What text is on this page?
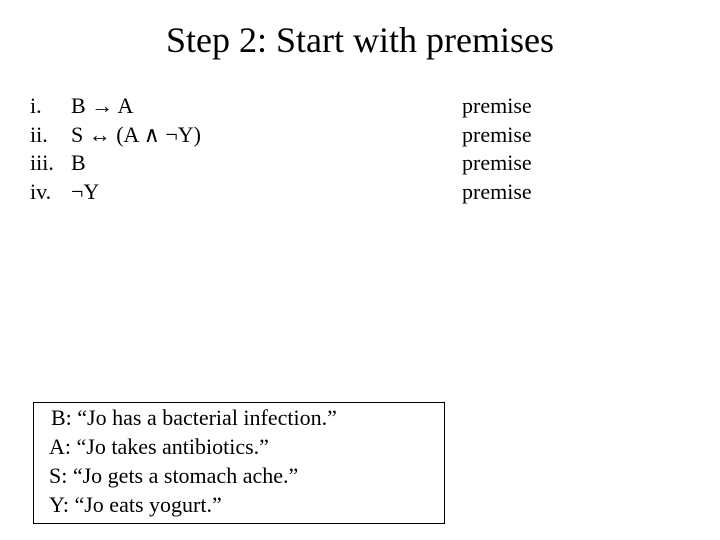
Step 2: Start with premises
i. B → A	premise
ii. S ↔ (A ∧ ¬Y)	premise
iii. B	premise
iv. ¬Y	premise
B: “Jo has a bacterial infection.”
A: “Jo takes antibiotics.”
S: “Jo gets a stomach ache.”
Y: “Jo eats yogurt.”
